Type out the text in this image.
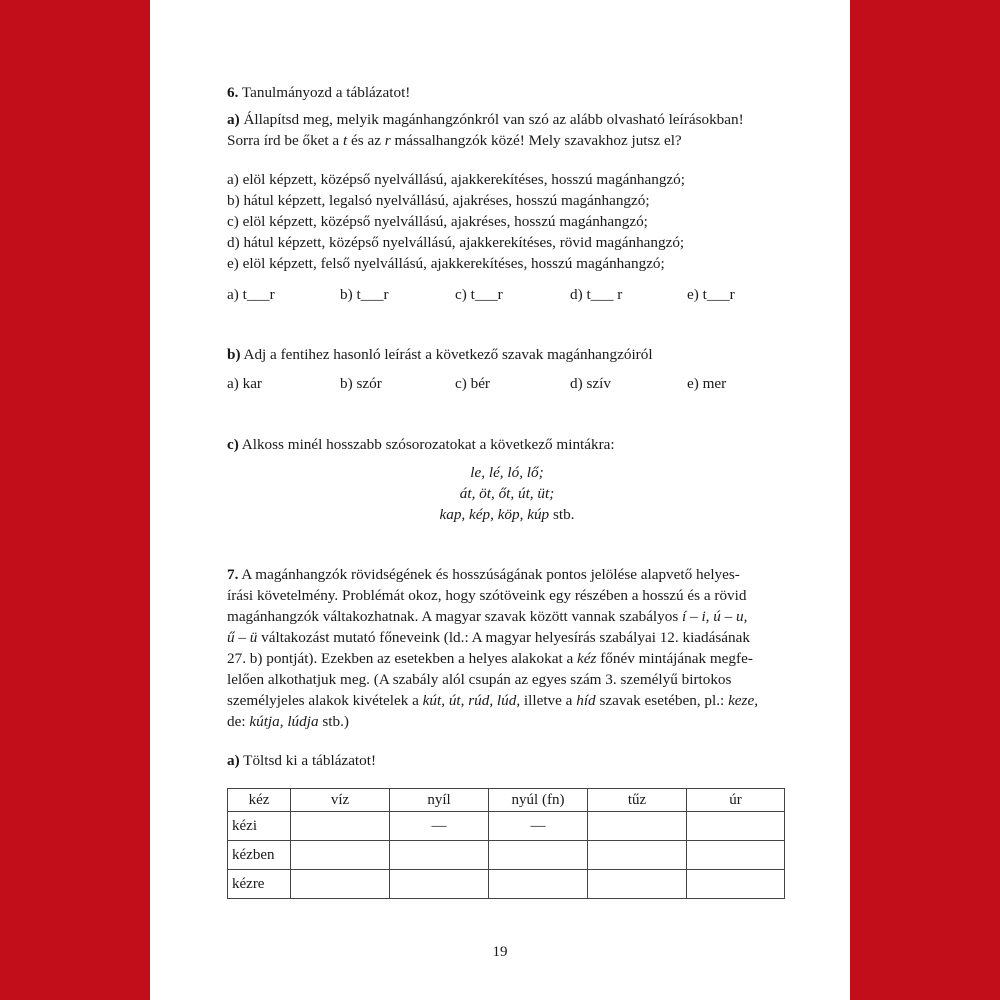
6. Tanulmányozd a táblázatot!

a) Állapítsd meg, melyik magánhangzónkról van szó az alább olvasható leírásokban!
Sorra írd be őket a t és az r mássalhangzók közé! Mely szavakhoz jutsz el?

a) elöl képzett, középső nyelvállású, ajakkerekítéses, hosszú magánhangzó;

b) hátul képzett, legalsó nyelvállású, ajakréses, hosszú magánhangzó;

c) elöl képzett, középső nyelvállású, ajakréses, hosszú magánhangzó;

d) hátul képzett, középső nyelvállású, ajakkerekítéses, rövid magánhangzó;

e) elöl képzett, felső nyelvállású, ajakkerekítéses, hosszú magánhangzó;

a) t___r	b) t___r	c) t___r	d) t___ r	e) t___r

b) Adj a fentihez hasonló leírást a következő szavak magánhangzóiról

a) kar	b) szór	c) bér	d) szív	e) mer

c) Alkoss minél hosszabb szósorozatokat a következő mintákra:

le, lé, ló, lő;

át, öt, őt, út, üt;

kap, kép, köp, kúp stb.

7. A magánhangzók rövidségének és hosszúságának pontos jelölése alapvető helyes-

írási követelmény. Problémát okoz, hogy szótöveink egy részében a hosszú és a rövid

magánhangzók váltakozhatnak. A magyar szavak között vannak szabályos í – i, ú – u,

ű – ü váltakozást mutató főneveink (ld.: A magyar helyesírás szabályai 12. kiadásának

27. b) pontját). Ezekben az esetekben a helyes alakokat a kéz főnév mintájának megfe-

lelően alkothatjuk meg. (A szabály alól csupán az egyes szám 3. személyű birtokos

személyjeles alakok kivételek a kút, út, rúd, lúd, illetve a híd szavak esetében, pl.: keze,

de: kútja, lúdja stb.)

a) Töltsd ki a táblázatot!

kéz	víz	nyíl	nyúl (fn)	tűz	úr
kézi		—	—		
kézben					
kézre					
19
